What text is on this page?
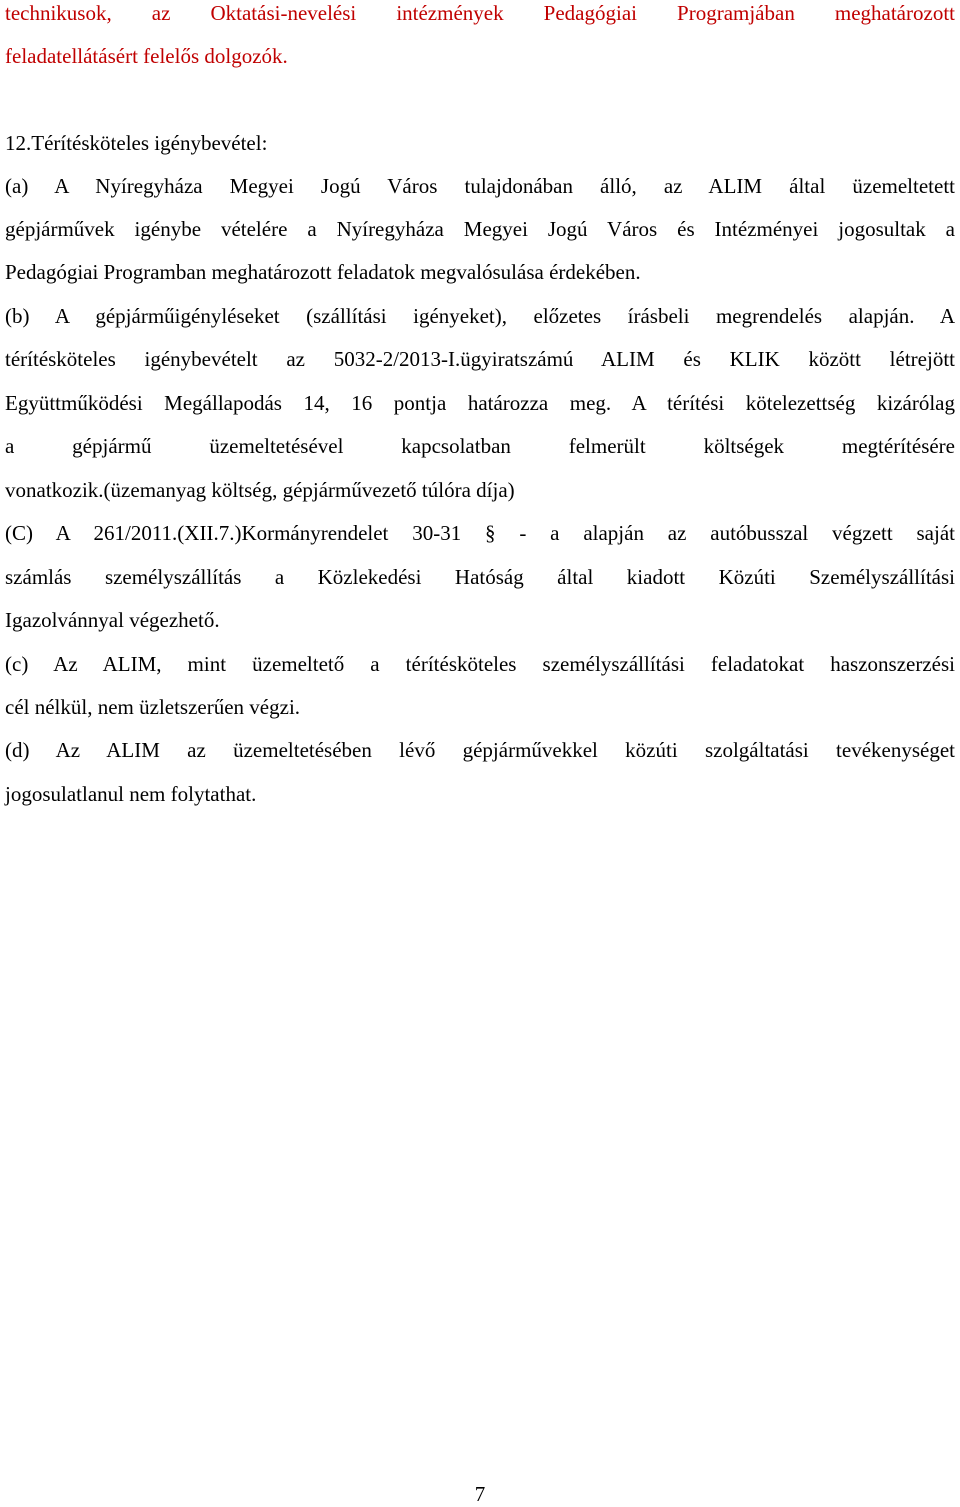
technikusok, az Oktatási-nevelési intézmények Pedagógiai Programjában meghatározott
feladatellátásért felelős dolgozók.
12.Térítésköteles igénybevétel:
(a) A Nyíregyháza Megyei Jogú Város tulajdonában álló, az ALIM által üzemeltetett
gépjárművek igénybe vételére a Nyíregyháza Megyei Jogú Város és Intézményei jogosultak a
Pedagógiai Programban meghatározott feladatok megvalósulása érdekében.
(b) A gépjárműigényléseket (szállítási igényeket), előzetes írásbeli megrendelés alapján. A
térítésköteles igénybevételt az 5032-2/2013-I.ügyiratszámú ALIM és KLIK között létrejött
Együttműködési Megállapodás 14, 16 pontja határozza meg. A térítési kötelezettség kizárólag
a gépjármű üzemeltetésével kapcsolatban felmerült költségek megtérítésére
vonatkozik.(üzemanyag költség, gépjárművezető túlóra díja)
(C) A 261/2011.(XII.7.)Kormányrendelet 30-31 § - a alapján az autóbusszal végzett saját
számlás személyszállítás a Közlekedési Hatóság által kiadott Közúti Személyszállítási
Igazolvánnyal végezhető.
(c) Az ALIM, mint üzemeltető a térítésköteles személyszállítási feladatokat haszonszerzési
cél nélkül, nem üzletszerűen végzi.
(d) Az ALIM az üzemeltetésében lévő gépjárművekkel közúti szolgáltatási tevékenységet
jogosulatlanul nem folytathat.
7
